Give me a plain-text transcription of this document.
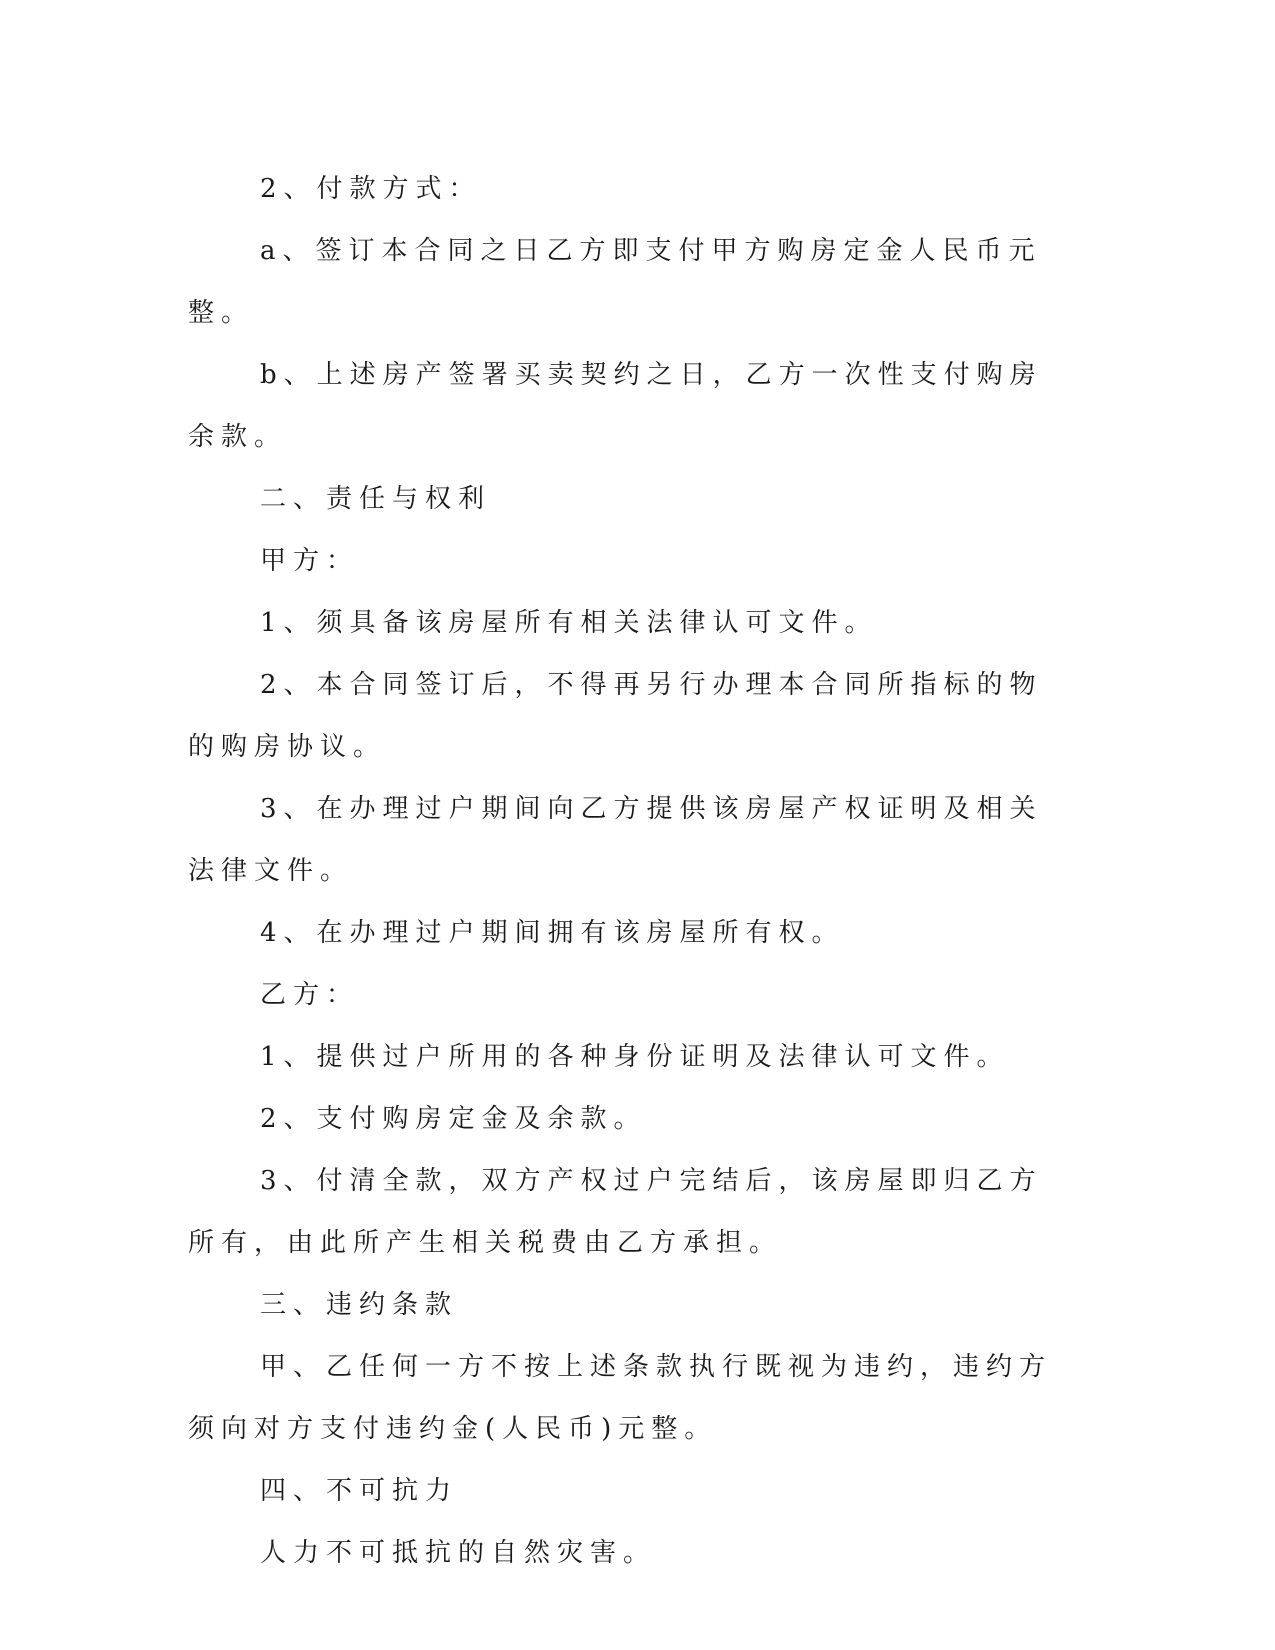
2、付款方式：

a、签订本合同之日乙方即支付甲方购房定金人民币元整。

b、上述房产签署买卖契约之日，乙方一次性支付购房余款。

二、责任与权利

甲方：

1、须具备该房屋所有相关法律认可文件。

2、本合同签订后，不得再另行办理本合同所指标的物的购房协议。

3、在办理过户期间向乙方提供该房屋产权证明及相关法律文件。

4、在办理过户期间拥有该房屋所有权。

乙方：

1、提供过户所用的各种身份证明及法律认可文件。

2、支付购房定金及余款。

3、付清全款，双方产权过户完结后，该房屋即归乙方所有，由此所产生相关税费由乙方承担。

三、违约条款

甲、乙任何一方不按上述条款执行既视为违约，违约方须向对方支付违约金(人民币)元整。

四、不可抗力

人力不可抵抗的自然灾害。
